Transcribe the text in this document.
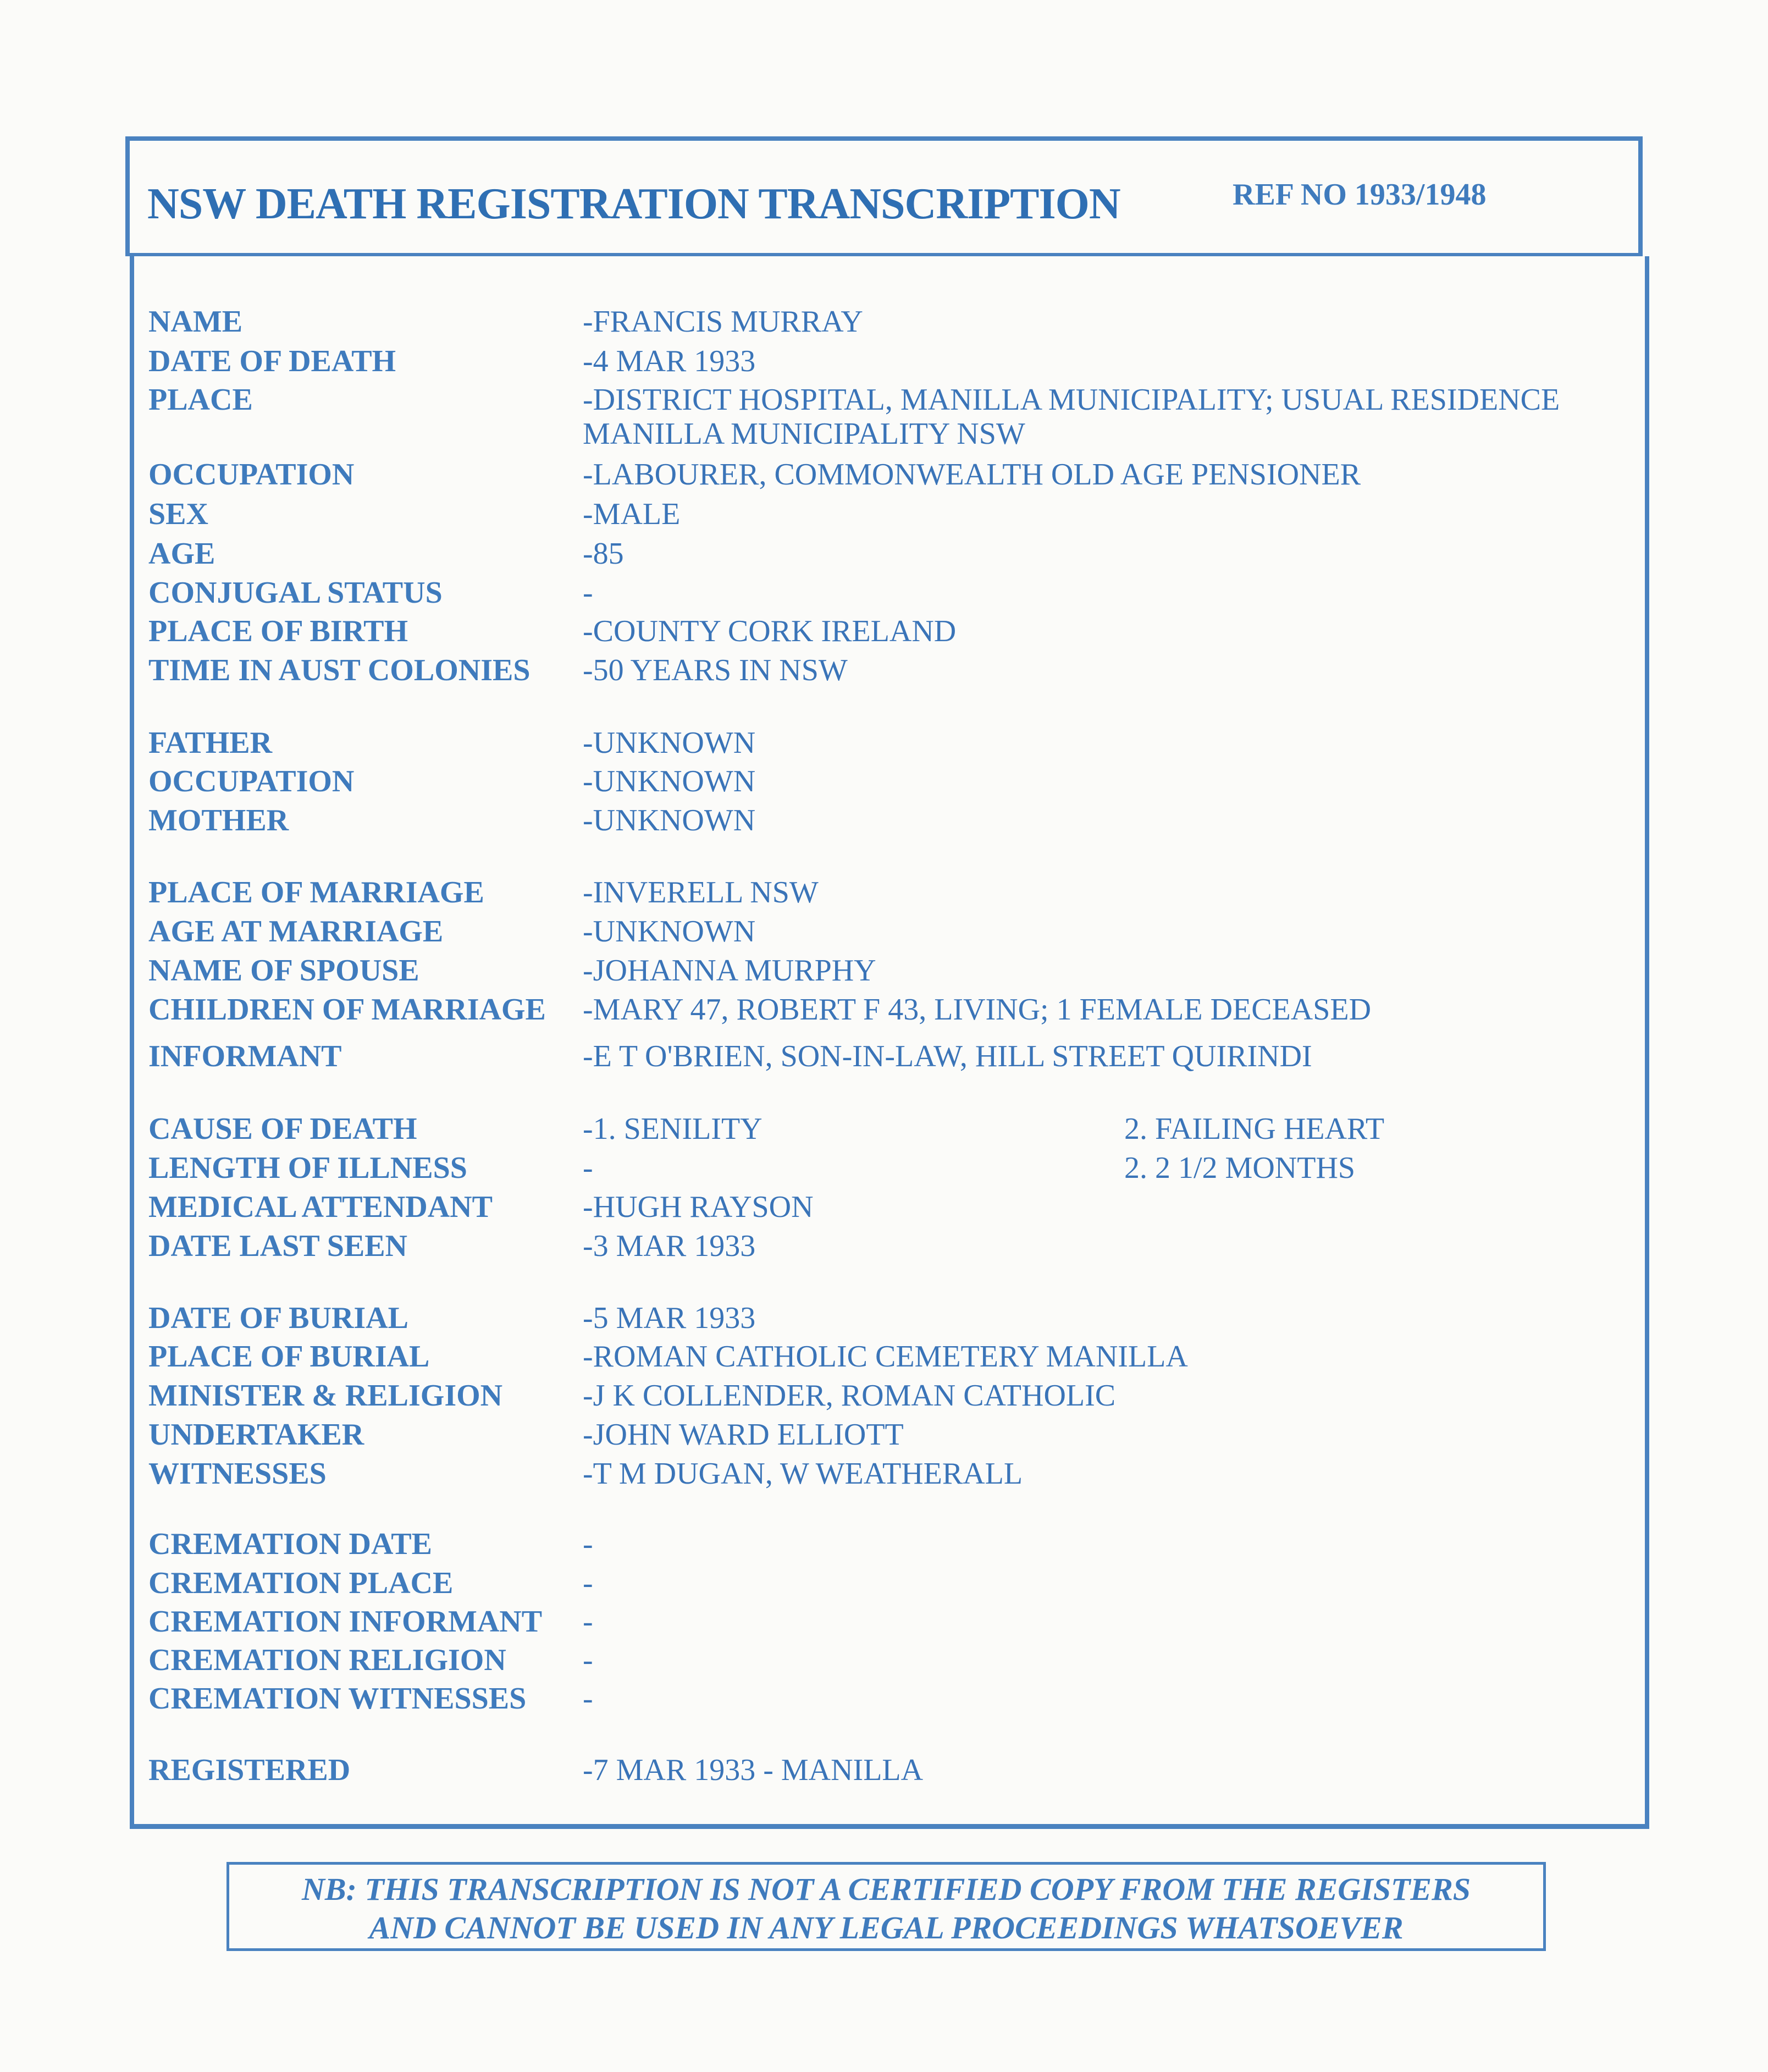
NSW DEATH REGISTRATION TRANSCRIPTION	REF NO 1933/1948
NAME	-FRANCIS MURRAY
DATE OF DEATH	-4 MAR 1933
PLACE	-DISTRICT HOSPITAL, MANILLA MUNICIPALITY; USUAL RESIDENCE
MANILLA MUNICIPALITY NSW
OCCUPATION	-LABOURER, COMMONWEALTH OLD AGE PENSIONER
SEX	-MALE
AGE	-85
CONJUGAL STATUS	-
PLACE OF BIRTH	-COUNTY CORK IRELAND
TIME IN AUST COLONIES -50 YEARS IN NSW
FATHER	-UNKNOWN
OCCUPATION	-UNKNOWN
MOTHER	-UNKNOWN
PLACE OF MARRIAGE	-INVERELL NSW
AGE AT MARRIAGE	-UNKNOWN
NAME OF SPOUSE	-JOHANNA MURPHY
CHILDREN OF MARRIAGE -MARY 47, ROBERT F 43, LIVING; 1 FEMALE DECEASED
INFORMANT	-E T O'BRIEN, SON-IN-LAW, HILL STREET QUIRINDI
CAUSE OF DEATH	-1. SENILITY	2. FAILING HEART
LENGTH OF ILLNESS	-	2. 2 1/2 MONTHS
MEDICAL ATTENDANT	-HUGH RAYSON
DATE LAST SEEN	-3 MAR 1933
DATE OF BURIAL	-5 MAR 1933
PLACE OF BURIAL	-ROMAN CATHOLIC CEMETERY MANILLA
MINISTER & RELIGION	-J K COLLENDER, ROMAN CATHOLIC
UNDERTAKER	-JOHN WARD ELLIOTT
WITNESSES	-T M DUGAN, W WEATHERALL
CREMATION DATE	-
CREMATION PLACE	-
CREMATION INFORMANT -
CREMATION RELIGION -
CREMATION WITNESSES -
REGISTERED	-7 MAR 1933 - MANILLA
NB: THIS TRANSCRIPTION IS NOT A CERTIFIED COPY FROM THE REGISTERS
AND CANNOT BE USED IN ANY LEGAL PROCEEDINGS WHATSOEVER
